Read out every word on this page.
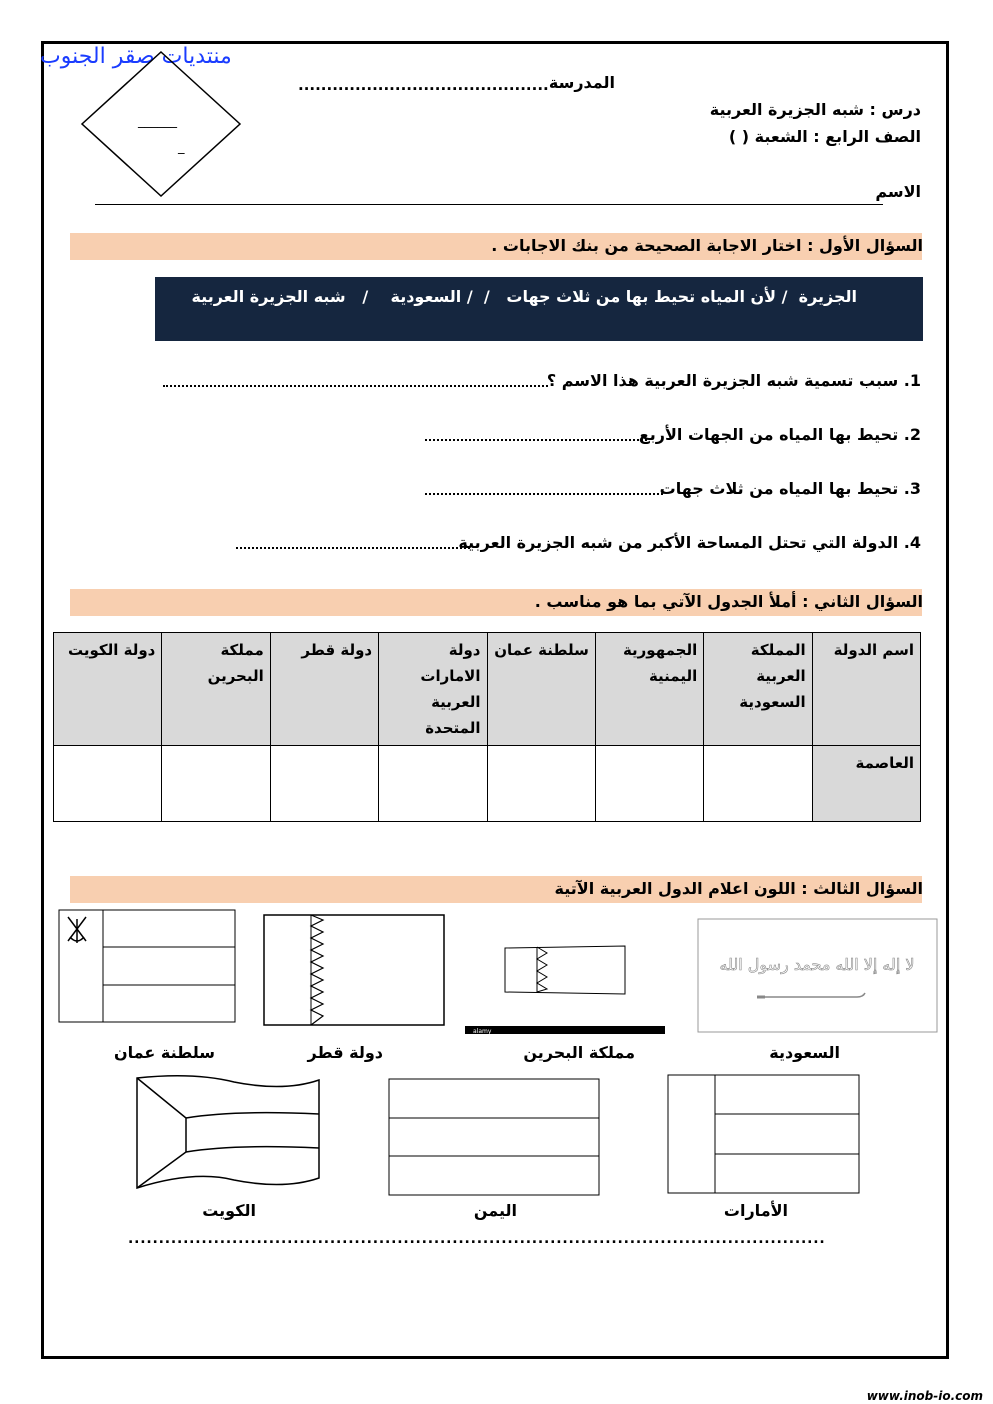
منتديات صقر الجنوب
______
_
المدرسة
............................................
درس : شبه الجزيرة العربية
الصف الرابع : الشعبة ( )
الاسم
السؤال الأول : اختار الاجابة الصحيحة من بنك الاجابات .
الجزيرة  / لأن المياه تحيط بها من ثلاث جهات   /  / السعودية    /   شبه الجزيرة العربية
1. سبب تسمية شبه الجزيرة العربية هذا الاسم ؟
2. تحيط بها المياه من الجهات الأربع
3. تحيط بها المياه من ثلاث جهات
4. الدولة التي تحتل المساحة الأكبر من شبه الجزيرة العربية
السؤال الثاني : أملأ الجدول الآتي بما هو مناسب .
اسم الدولة	المملكة العربية السعودية	الجمهورية اليمنية	سلطنة عمان	دولة الامارات العربية المتحدة	دولة قطر	مملكة البحرين	دولة الكويت
العاصمة							
السؤال الثالث : اللون اعلام الدول العربية الآتية
سلطنة عمان	دولة قطر
alamy
مملكة البحرين
لا إله إلا الله محمد رسول الله
السعودية
الكويت	اليمن	الأمارات
..................................................................................................................
www.inob-io.com
